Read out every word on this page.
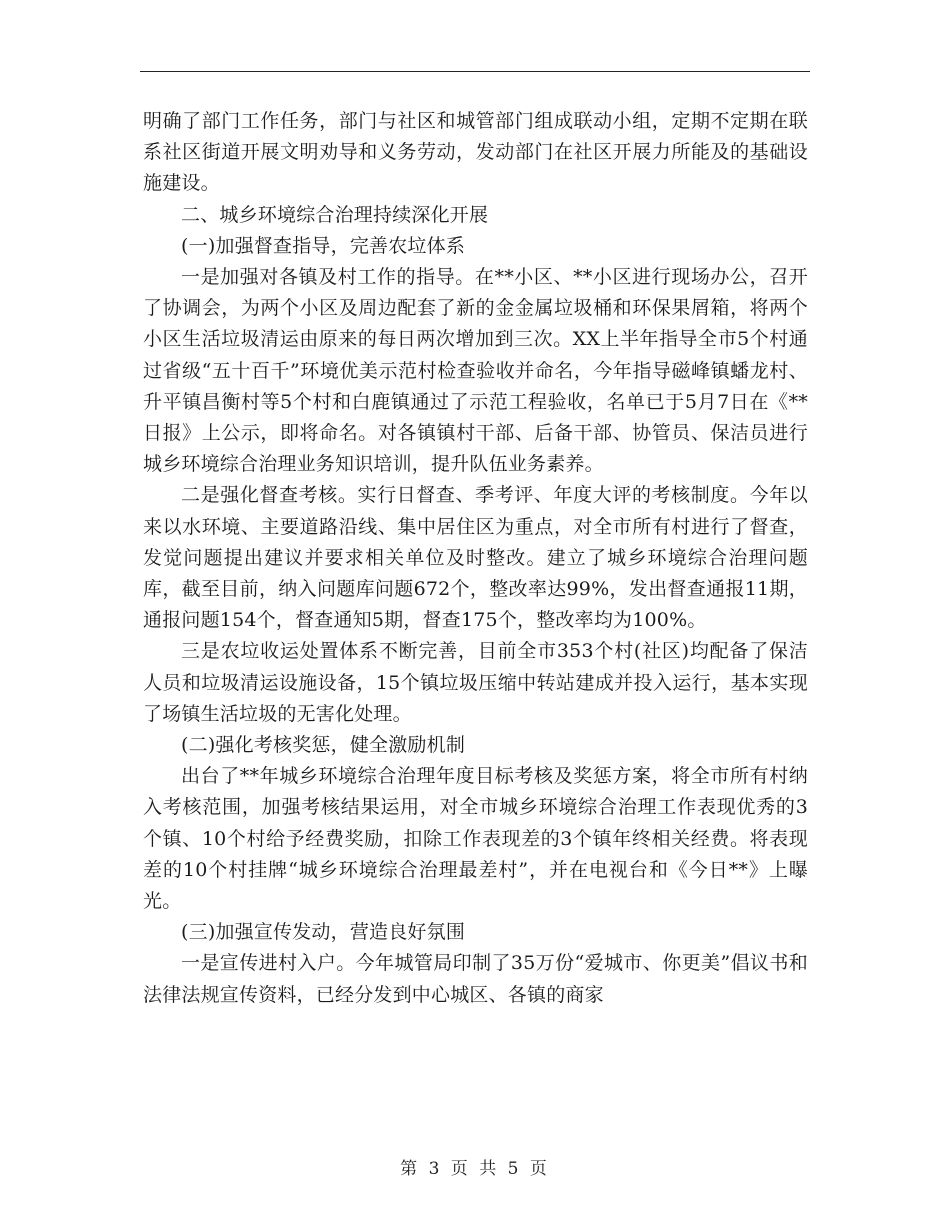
明确了部门工作任务，部门与社区和城管部门组成联动小组，定期不定期在联系社区街道开展文明劝导和义务劳动，发动部门在社区开展力所能及的基础设施建设。

二、城乡环境综合治理持续深化开展

(一)加强督查指导，完善农垃体系

一是加强对各镇及村工作的指导。在**小区、**小区进行现场办公，召开了协调会，为两个小区及周边配套了新的金金属垃圾桶和环保果屑箱，将两个小区生活垃圾清运由原来的每日两次增加到三次。XX上半年指导全市5个村通过省级“五十百千”环境优美示范村检查验收并命名，今年指导磁峰镇蟠龙村、升平镇昌衡村等5个村和白鹿镇通过了示范工程验收，名单已于5月7日在《**日报》上公示，即将命名。对各镇镇村干部、后备干部、协管员、保洁员进行城乡环境综合治理业务知识培训，提升队伍业务素养。

二是强化督查考核。实行日督查、季考评、年度大评的考核制度。今年以来以水环境、主要道路沿线、集中居住区为重点，对全市所有村进行了督查，发觉问题提出建议并要求相关单位及时整改。建立了城乡环境综合治理问题库，截至目前，纳入问题库问题672个，整改率达99%，发出督查通报11期，通报问题154个，督查通知5期，督查175个，整改率均为100%。

三是农垃收运处置体系不断完善，目前全市353个村(社区)均配备了保洁人员和垃圾清运设施设备，15个镇垃圾压缩中转站建成并投入运行，基本实现了场镇生活垃圾的无害化处理。

(二)强化考核奖惩，健全激励机制

出台了**年城乡环境综合治理年度目标考核及奖惩方案，将全市所有村纳入考核范围，加强考核结果运用，对全市城乡环境综合治理工作表现优秀的3个镇、10个村给予经费奖励，扣除工作表现差的3个镇年终相关经费。将表现差的10个村挂牌“城乡环境综合治理最差村”，并在电视台和《今日**》上曝光。

(三)加强宣传发动，营造良好氛围

一是宣传进村入户。今年城管局印制了35万份“爱城市、你更美”倡议书和法律法规宣传资料，已经分发到中心城区、各镇的商家

第 3 页 共 5 页
